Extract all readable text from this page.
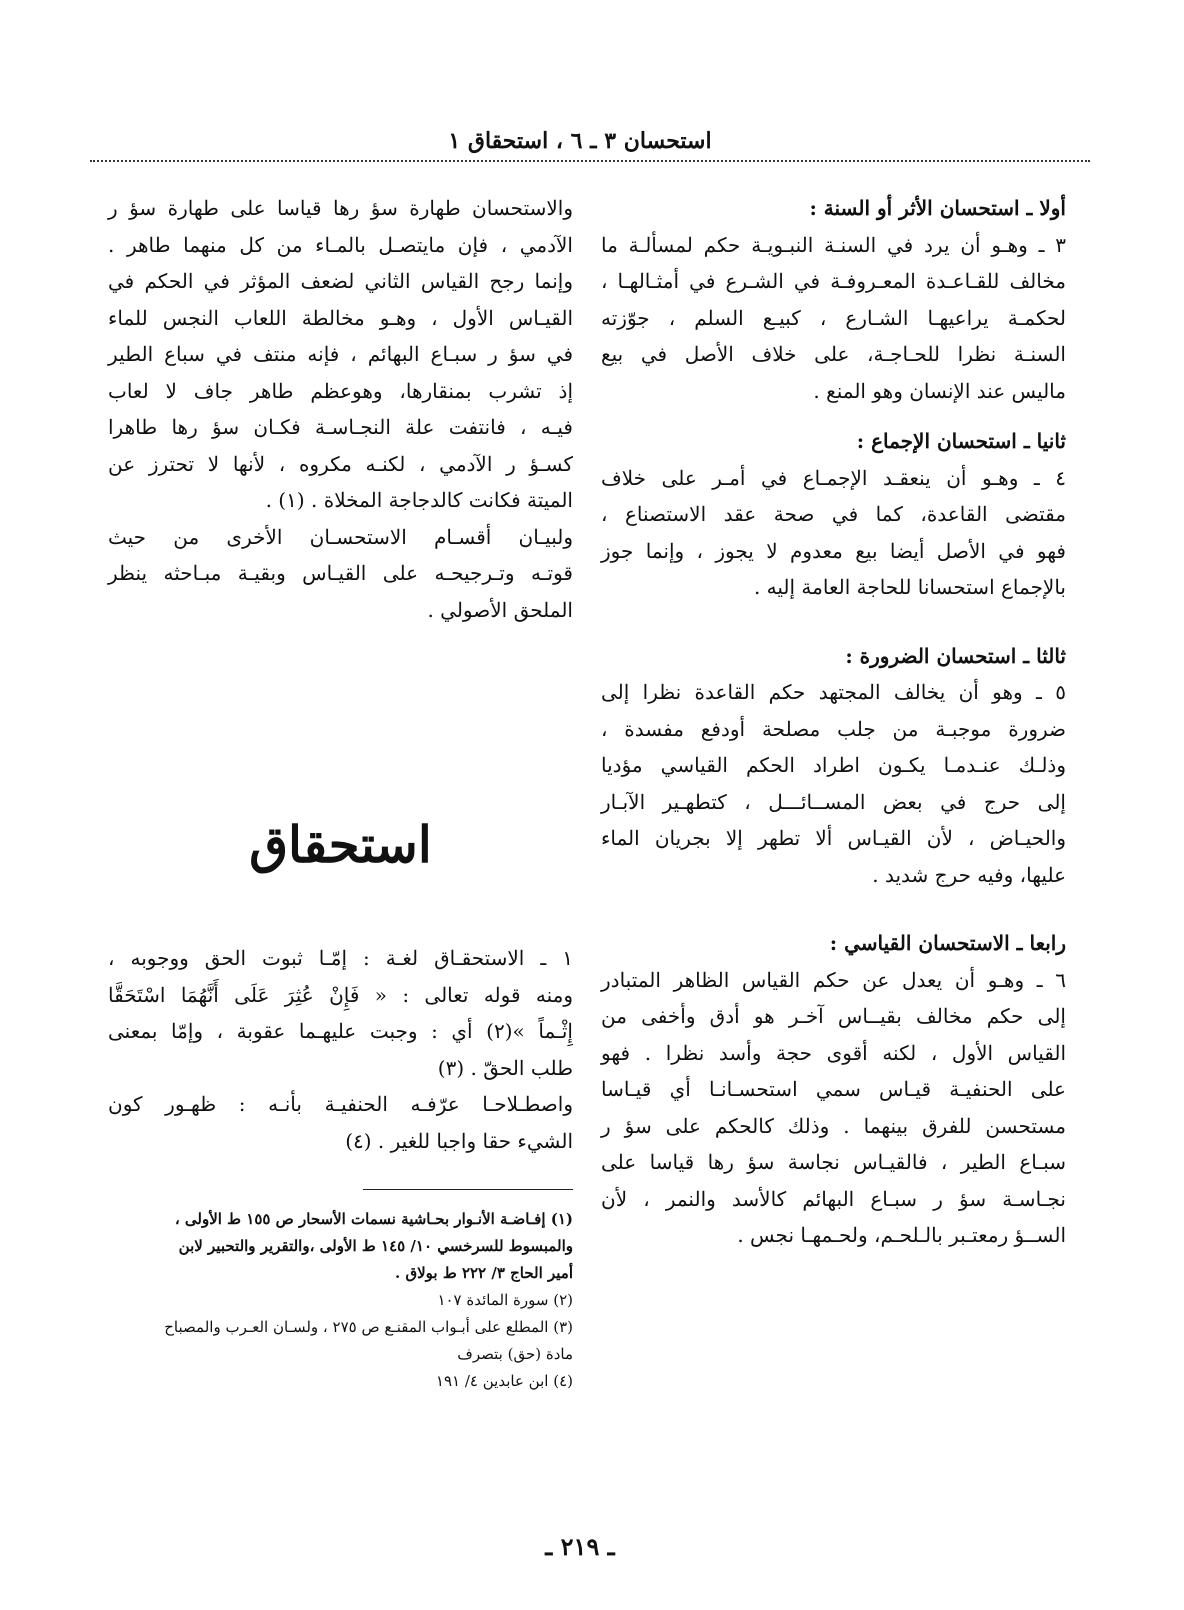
استحسان ٣ ـ ٦ ، استحقاق ١
أولا ـ استحسان الأثر أو السنة :
٣ ـ وهـو أن يرد في السنـة النبـويـة حكم لمسألـة ما
مخالف للقـاعـدة المعـروفـة في الشـرع في أمثـالهـا ،
لحكمـة يراعيهـا الشـارع ، كبيـع السلم ، جوّزته
السنـة نظرا للحـاجـة، على خلاف الأصل في بيع
ماليس عند الإنسان وهو المنع .
ثانيا ـ استحسان الإجماع :
٤ ـ وهـو أن ينعقـد الإجمـاع في أمـر على خلاف
مقتضى القاعدة، كما في صحة عقد الاستصناع ،
فهو في الأصل أيضا بيع معدوم لا يجوز ، وإنما جوز
بالإجماع استحسانا للحاجة العامة إليه .
ثالثا ـ استحسان الضرورة :
٥ ـ وهو أن يخالف المجتهد حكم القاعدة نظرا إلى
ضرورة موجبـة من جلب مصلحة أودفع مفسدة ،
وذلـك عنـدمـا يكـون اطراد الحكم القياسي مؤديا
إلى حرج في بعض المســائـــل ، كتطهـير الآبـار
والحيـاض ، لأن القيـاس ألا تطهر إلا بجريان الماء
عليها، وفيه حرج شديد .
رابعا ـ الاستحسان القياسي :
٦ ـ وهـو أن يعدل عن حكم القياس الظاهر المتبادر
إلى حكم مخالف بقيــاس آخـر هو أدق وأخفى من
القياس الأول ، لكنه أقوى حجة وأسد نظرا . فهو
على الحنفيـة قيـاس سمي استحسـانـا أي قيـاسا
مستحسن للفرق بينهما . وذلك كالحكم على سؤ ر
سبـاع الطير ، فالقيـاس نجاسة سؤ رها قياسا على
نجـاسـة سؤ ر سبـاع البهائم كالأسد والنمر ، لأن
الســؤ رمعتـبر بالـلحـم، ولحـمهـا نجس .
والاستحسان طهارة سؤ رها قياسا على طهارة سؤ ر
الآدمي ، فإن مايتصـل بالمـاء من كل منهما طاهر .
وإنما رجح القياس الثاني لضعف المؤثر في الحكم في
القيـاس الأول ، وهـو مخالطة اللعاب النجس للماء
في سؤ ر سبـاع البهائم ، فإنه منتف في سباع الطير
إذ تشرب بمنقارها، وهوعظم طاهر جاف لا لعاب
فيـه ، فانتفت علة النجـاسـة فكـان سؤ رها طاهرا
كسـؤ ر الآدمي ، لكنـه مكروه ، لأنها لا تحترز عن
الميتة فكانت كالدجاجة المخلاة . (١) .
ولبيـان أقسـام الاستحسـان الأخرى من حيث
قوتـه وتـرجيحـه على القيـاس وبقيـة مبـاحثه ينظر
الملحق الأصولي .
استحقاق
١ ـ الاستحقـاق لغـة : إمّـا ثبوت الحق ووجوبه ،
ومنه قوله تعالى : « فَإِنْ عُثِرَ عَلَى أَنَّهُمَا اسْتَحَقَّا
إِثْـماً »(٢) أي : وجبت عليهـما عقوبة ، وإمّا بمعنى
طلب الحقّ . (٣)
واصطـلاحـا عرّفـه الحنفيـة بأنـه : ظهـور كون
الشيء حقا واجبا للغير . (٤)
(١) إفـاضـة الأنـوار بحـاشية نسمات الأسحار ص ١٥٥ ط الأولى ،
والمبسوط للسرخسي ١٠/ ١٤٥ ط الأولى ،والتقرير والتحبير لابن
أمير الحاج ٣/ ٢٢٢ ط بولاق .
(٢) سورة المائدة ١٠٧
(٣) المطلع على أبـواب المقنـع ص ٢٧٥ ، ولسـان العـرب والمصباح
مادة (حق) بتصرف
(٤) ابن عابدين ٤/ ١٩١
ـ ٢١٩ ـ
